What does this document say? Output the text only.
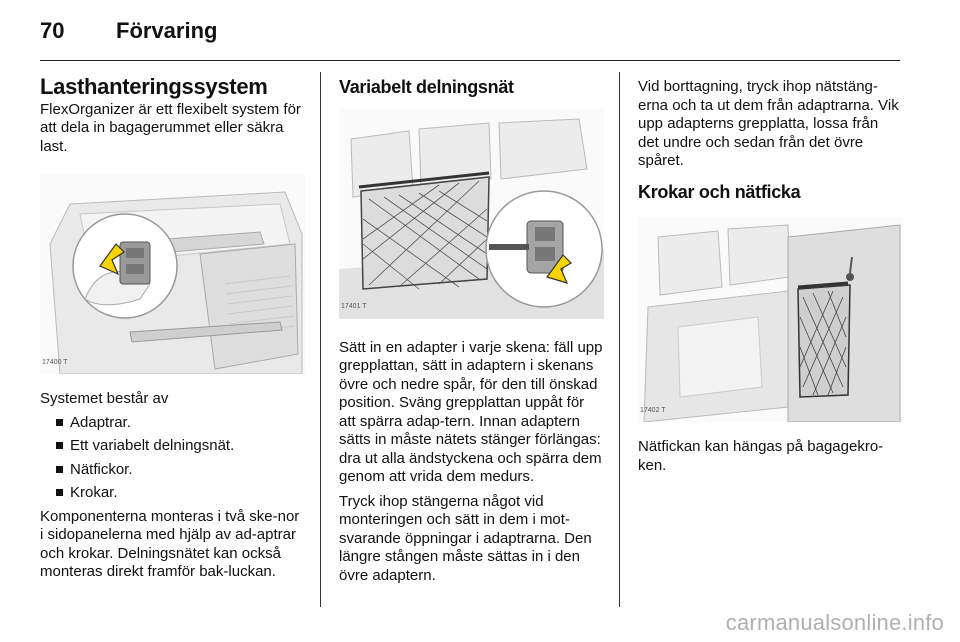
70 Förvaring
Lasthanteringssystem

FlexOrganizer är ett flexibelt system för att dela in bagagerummet eller säkra last.

17400 T

Systemet består av

Adaptrar.
Ett variabelt delningsnät.
Nätfickor.
Krokar.

Komponenterna monteras i två ske-nor i sidopanelerna med hjälp av ad-aptrar och krokar. Delningsnätet kan också monteras direkt framför bak-luckan.

Variabelt delningsnät
17401 T

Sätt in en adapter i varje skena: fäll upp grepplattan, sätt in adaptern i skenans övre och nedre spår, för den till önskad position. Sväng grepplattan uppåt för att spärra adap-tern. Innan adaptern sätts in måste nätets stänger förlängas: dra ut alla ändstyckena och spärra dem genom att vrida dem medurs.

Tryck ihop stängerna något vid monteringen och sätt in dem i mot-svarande öppningar i adaptrarna. Den längre stången måste sättas in i den övre adaptern.

Vid borttagning, tryck ihop nätstäng-erna och ta ut dem från adaptrarna. Vik upp adapterns grepplatta, lossa från det undre och sedan från det övre spåret.

Krokar och nätficka
17402 T

Nätfickan kan hängas på bagagekro-ken.

carmanualsonline.info
